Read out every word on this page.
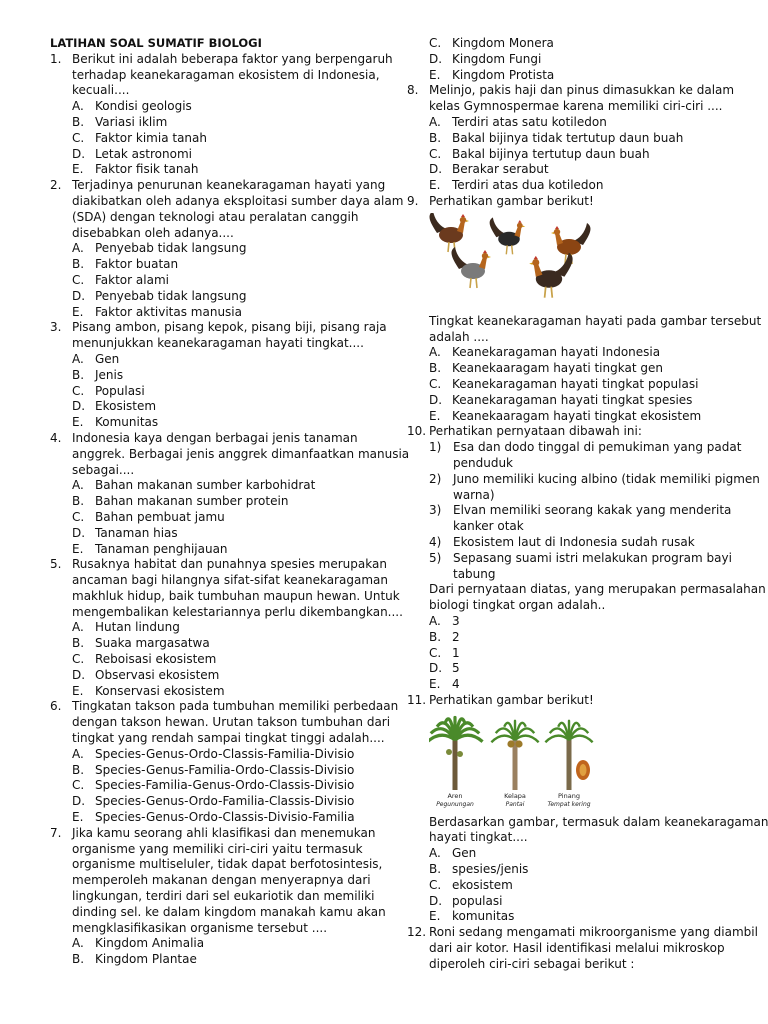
LATIHAN SOAL SUMATIF BIOLOGI
1. Berikut ini adalah beberapa faktor yang berpengaruh
terhadap keanekaragaman ekosistem di Indonesia,
kecuali....
A. Kondisi geologis
B. Variasi iklim
C. Faktor kimia tanah
D. Letak astronomi
E. Faktor fisik tanah
2. Terjadinya penurunan keanekaragaman hayati yang
diakibatkan oleh adanya eksploitasi sumber daya alam
(SDA) dengan teknologi atau peralatan canggih
disebabkan oleh adanya....
A. Penyebab tidak langsung
B. Faktor buatan
C. Faktor alami
D. Penyebab tidak langsung
E. Faktor aktivitas manusia
3. Pisang ambon, pisang kepok, pisang biji, pisang raja
menunjukkan keanekaragaman hayati tingkat....
A. Gen
B. Jenis
C. Populasi
D. Ekosistem
E. Komunitas
4. Indonesia kaya dengan berbagai jenis tanaman
anggrek. Berbagai jenis anggrek dimanfaatkan manusia
sebagai....
A. Bahan makanan sumber karbohidrat
B. Bahan makanan sumber protein
C. Bahan pembuat jamu
D. Tanaman hias
E. Tanaman penghijauan
5. Rusaknya habitat dan punahnya spesies merupakan
ancaman bagi hilangnya sifat-sifat keanekaragaman
makhluk hidup, baik tumbuhan maupun hewan. Untuk
mengembalikan kelestariannya perlu dikembangkan....
A. Hutan lindung
B. Suaka margasatwa
C. Reboisasi ekosistem
D. Observasi ekosistem
E. Konservasi ekosistem
6. Tingkatan takson pada tumbuhan memiliki perbedaan
dengan takson hewan. Urutan takson tumbuhan dari
tingkat yang rendah sampai tingkat tinggi adalah....
A. Species-Genus-Ordo-Classis-Familia-Divisio
B. Species-Genus-Familia-Ordo-Classis-Divisio
C. Species-Familia-Genus-Ordo-Classis-Divisio
D. Species-Genus-Ordo-Familia-Classis-Divisio
E. Species-Genus-Ordo-Classis-Divisio-Familia
7. Jika kamu seorang ahli klasifikasi dan menemukan
organisme yang memiliki ciri-ciri yaitu termasuk
organisme multiseluler, tidak dapat berfotosintesis,
memperoleh makanan dengan menyerapnya dari
lingkungan, terdiri dari sel eukariotik dan memiliki
dinding sel. ke dalam kingdom manakah kamu akan
mengklasifikasikan organisme tersebut ....
A. Kingdom Animalia
B. Kingdom Plantae
C. Kingdom Monera
D. Kingdom Fungi
E. Kingdom Protista
8. Melinjo, pakis haji dan pinus dimasukkan ke dalam
kelas Gymnospermae karena memiliki ciri-ciri ....
A. Terdiri atas satu kotiledon
B. Bakal bijinya tidak tertutup daun buah
C. Bakal bijinya tertutup daun buah
D. Berakar serabut
E. Terdiri atas dua kotiledon
9. Perhatikan gambar berikut!
Tingkat keanekaragaman hayati pada gambar tersebut
adalah ....
A. Keanekaragaman hayati Indonesia
B. Keanekaaragam hayati tingkat gen
C. Keanekaragaman hayati tingkat populasi
D. Keanekaragaman hayati tingkat spesies
E. Keanekaaragam hayati tingkat ekosistem
10. Perhatikan pernyataan dibawah ini:
1) Esa dan dodo tinggal di pemukiman yang padat
penduduk
2) Juno memiliki kucing albino (tidak memiliki pigmen
warna)
3) Elvan memiliki seorang kakak yang menderita
kanker otak
4) Ekosistem laut di Indonesia sudah rusak
5) Sepasang suami istri melakukan program bayi
tabung
Dari pernyataan diatas, yang merupakan permasalahan
biologi tingkat organ adalah..
A. 3
B. 2
C. 1
D. 5
E. 4
11. Perhatikan gambar berikut!
Aren
Pegunungan
Kelapa
Pantai
Pinang
Tempat kering
Berdasarkan gambar, termasuk dalam keanekaragaman
hayati tingkat....
A. Gen
B. spesies/jenis
C. ekosistem
D. populasi
E. komunitas
12. Roni sedang mengamati mikroorganisme yang diambil
dari air kotor. Hasil identifikasi melalui mikroskop
diperoleh ciri-ciri sebagai berikut :
